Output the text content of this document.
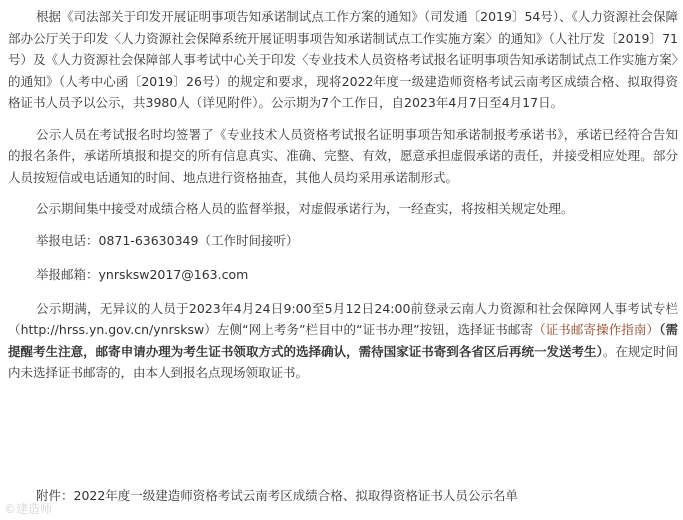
根据《司法部关于印发开展证明事项告知承诺制试点工作方案的通知》（司发通〔2019〕54号）、《人力资源社会保障部办公厅关于印发〈人力资源社会保障系统开展证明事项告知承诺制试点工作实施方案〉的通知》（人社厅发〔2019〕71号）及《人力资源社会保障部人事考试中心关于印发〈专业技术人员资格考试报名证明事项告知承诺制试点工作实施方案〉的通知》（人考中心函〔2019〕26号）的规定和要求，现将2022年度一级建造师资格考试云南考区成绩合格、拟取得资格证书人员予以公示，共3980人（详见附件）。公示期为7个工作日，自2023年4月7日至4月17日。

公示人员在考试报名时均签署了《专业技术人员资格考试报名证明事项告知承诺制报考承诺书》，承诺已经符合告知的报名条件，承诺所填报和提交的所有信息真实、准确、完整、有效，愿意承担虚假承诺的责任，并接受相应处理。部分人员按短信或电话通知的时间、地点进行资格抽查，其他人员均采用承诺制形式。

公示期间集中接受对成绩合格人员的监督举报，对虚假承诺行为，一经查实，将按相关规定处理。

举报电话：0871-63630349（工作时间接听）
举报邮箱：ynrsksw2017@163.com

公示期满，无异议的人员于2023年4月24日9:00至5月12日24:00前登录云南人力资源和社会保障网人事考试专栏（http://hrss.yn.gov.cn/ynrsksw）左侧“网上考务”栏目中的“证书办理”按钮，选择证书邮寄（证书邮寄操作指南）（需提醒考生注意，邮寄申请办理为考生证书领取方式的选择确认，需待国家证书寄到各省区后再统一发送考生）。在规定时间内未选择证书邮寄的，由本人到报名点现场领取证书。

附件：2022年度一级建造师资格考试云南考区成绩合格、拟取得资格证书人员公示名单
©建造师
